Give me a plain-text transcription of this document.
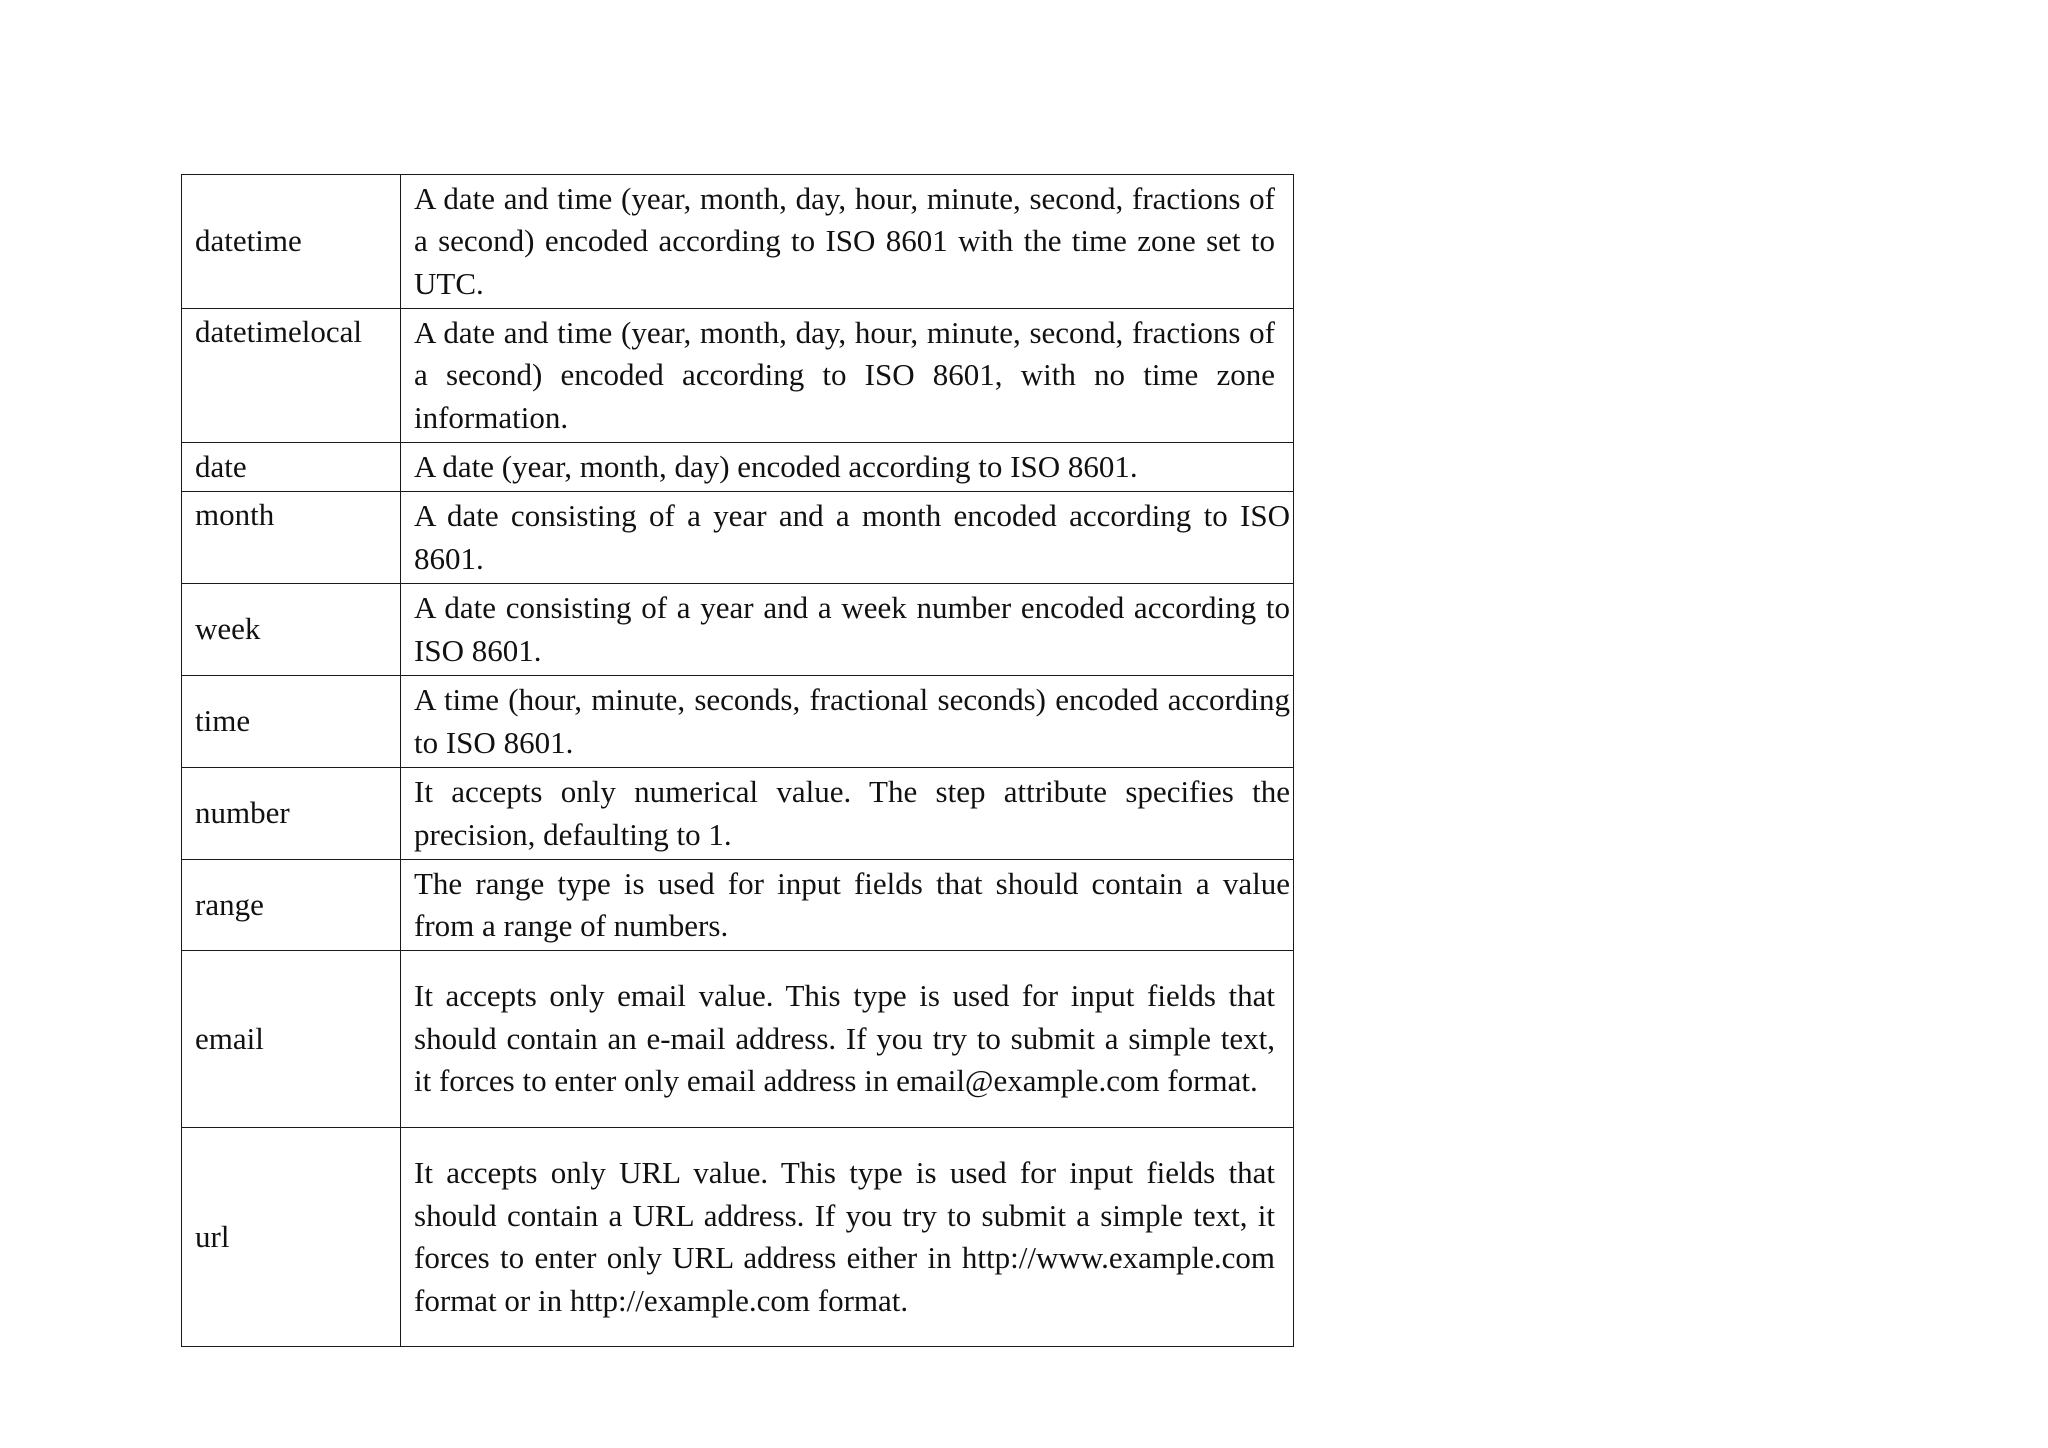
datetime	A date and time (year, month, day, hour, minute, second, fractions of a second) encoded according to ISO 8601 with the time zone set to UTC.
datetimelocal	A date and time (year, month, day, hour, minute, second, fractions of a second) encoded according to ISO 8601, with no time zone information.
date	A date (year, month, day) encoded according to ISO 8601.
month	A date consisting of a year and a month encoded according to ISO 8601.
week	A date consisting of a year and a week number encoded according to ISO 8601.
time	A time (hour, minute, seconds, fractional seconds) encoded according to ISO 8601.
number	It accepts only numerical value. The step attribute specifies the precision, defaulting to 1.
range	The range type is used for input fields that should contain a value from a range of numbers.
email	It accepts only email value. This type is used for input fields that should contain an e-mail address. If you try to submit a simple text, it forces to enter only email address in email@example.com format.
url	It accepts only URL value. This type is used for input fields that should contain a URL address. If you try to submit a simple text, it forces to enter only URL address either in http://www.example.com format or in http://example.com format.
